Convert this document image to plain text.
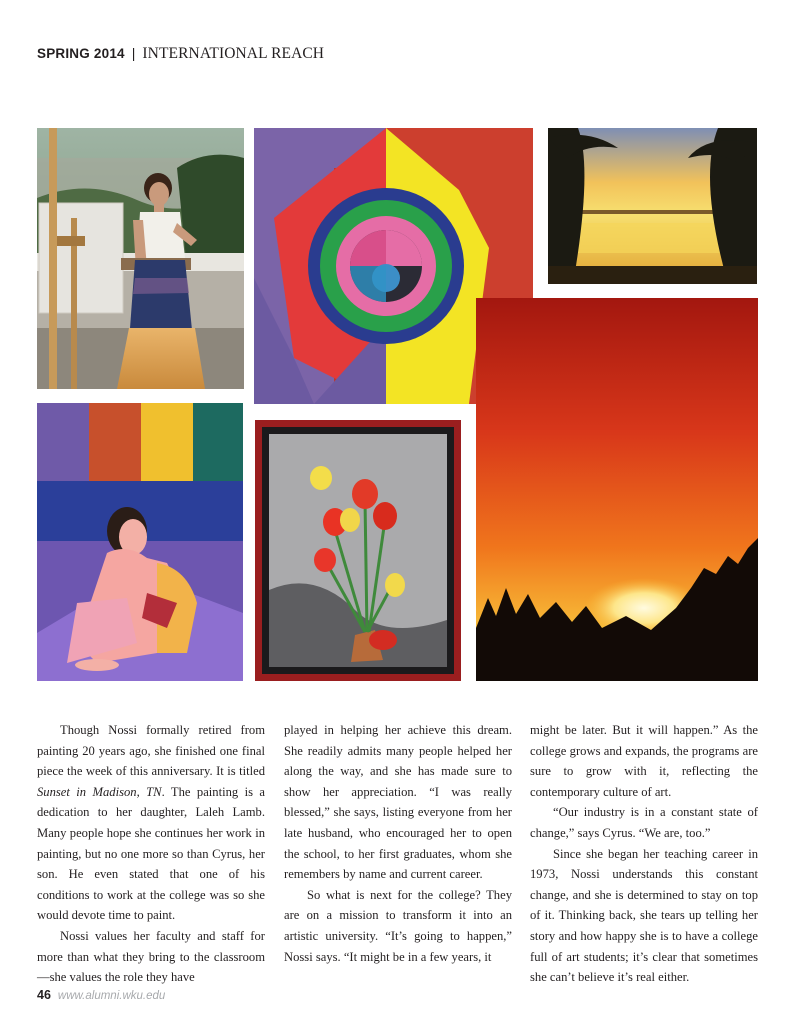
SPRING 2014 | INTERNATIONAL REACH

Though Nossi formally retired from painting 20 years ago, she finished one final piece the week of this anniversary. It is titled Sunset in Madison, TN. The painting is a dedication to her daughter, Laleh Lamb. Many people hope she continues her work in painting, but no one more so than Cyrus, her son. He even stated that one of his conditions to work at the college was so she would devote time to paint.

Nossi values her faculty and staff for more than what they bring to the classroom—she values the role they have

played in helping her achieve this dream. She readily admits many people helped her along the way, and she has made sure to show her appreciation. “I was really blessed,” she says, listing everyone from her late husband, who encouraged her to open the school, to her first graduates, whom she remembers by name and current career.

So what is next for the college? They are on a mission to transform it into an artistic university. “It’s going to happen,” Nossi says. “It might be in a few years, it

might be later. But it will happen.” As the college grows and expands, the programs are sure to grow with it, reflecting the contemporary culture of art.

“Our industry is in a constant state of change,” says Cyrus. “We are, too.”

Since she began her teaching career in 1973, Nossi understands this constant change, and she is determined to stay on top of it. Thinking back, she tears up telling her story and how happy she is to have a college full of art students; it’s clear that sometimes she can’t believe it’s real either.

46 www.alumni.wku.edu
